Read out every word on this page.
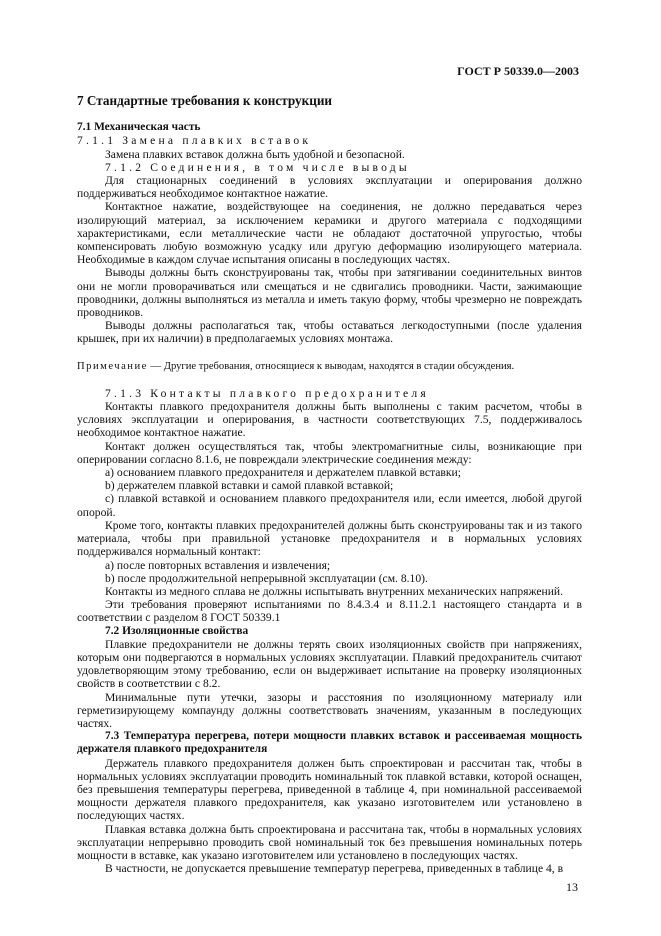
ГОСТ Р 50339.0—2003
7 Стандартные требования к конструкции
7.1 Механическая часть

7.1.1 Замена плавких вставок

Замена плавких вставок должна быть удобной и безопасной.

7.1.2 Соединения, в том числе выводы

Для стационарных соединений в условиях эксплуатации и оперирования должно поддерживаться необходимое контактное нажатие.

Контактное нажатие, воздействующее на соединения, не должно передаваться через изолирующий материал, за исключением керамики и другого материала с подходящими характеристиками, если металлические части не обладают достаточной упругостью, чтобы компенсировать любую возможную усадку или другую деформацию изолирующего материала. Необходимые в каждом случае испытания описаны в последующих частях.

Выводы должны быть сконструированы так, чтобы при затягивании соединительных винтов они не могли проворачиваться или смещаться и не сдвигались проводники. Части, зажимающие проводники, должны выполняться из металла и иметь такую форму, чтобы чрезмерно не повреждать проводников.

Выводы должны располагаться так, чтобы оставаться легкодоступными (после удаления крышек, при их наличии) в предполагаемых условиях монтажа.

Примечание — Другие требования, относящиеся к выводам, находятся в стадии обсуждения.

7.1.3 Контакты плавкого предохранителя

Контакты плавкого предохранителя должны быть выполнены с таким расчетом, чтобы в условиях эксплуатации и оперирования, в частности соответствующих 7.5, поддерживалось необходимое контактное нажатие.

Контакт должен осуществляться так, чтобы электромагнитные силы, возникающие при оперировании согласно 8.1.6, не повреждали электрические соединения между:

a) основанием плавкого предохранителя и держателем плавкой вставки;

b) держателем плавкой вставки и самой плавкой вставкой;

c) плавкой вставкой и основанием плавкого предохранителя или, если имеется, любой другой опорой.

Кроме того, контакты плавких предохранителей должны быть сконструированы так и из такого материала, чтобы при правильной установке предохранителя и в нормальных условиях поддерживался нормальный контакт:

a) после повторных вставления и извлечения;

b) после продолжительной непрерывной эксплуатации (см. 8.10).

Контакты из медного сплава не должны испытывать внутренних механических напряжений.

Эти требования проверяют испытаниями по 8.4.3.4 и 8.11.2.1 настоящего стандарта и в соответствии с разделом 8 ГОСТ 50339.1

7.2 Изоляционные свойства

Плавкие предохранители не должны терять своих изоляционных свойств при напряжениях, которым они подвергаются в нормальных условиях эксплуатации. Плавкий предохранитель считают удовлетворяющим этому требованию, если он выдерживает испытание на проверку изоляционных свойств в соответствии с 8.2.

Минимальные пути утечки, зазоры и расстояния по изоляционному материалу или герметизирующему компаунду должны соответствовать значениям, указанным в последующих частях.

7.3 Температура перегрева, потери мощности плавких вставок и рассеиваемая мощность держателя плавкого предохранителя

Держатель плавкого предохранителя должен быть спроектирован и рассчитан так, чтобы в нормальных условиях эксплуатации проводить номинальный ток плавкой вставки, которой оснащен, без превышения температуры перегрева, приведенной в таблице 4, при номинальной рассеиваемой мощности держателя плавкого предохранителя, как указано изготовителем или установлено в последующих частях.

Плавкая вставка должна быть спроектирована и рассчитана так, чтобы в нормальных условиях эксплуатации непрерывно проводить свой номинальный ток без превышения номинальных потерь мощности в вставке, как указано изготовителем или установлено в последующих частях.

В частности, не допускается превышение температур перегрева, приведенных в таблице 4, в

13
